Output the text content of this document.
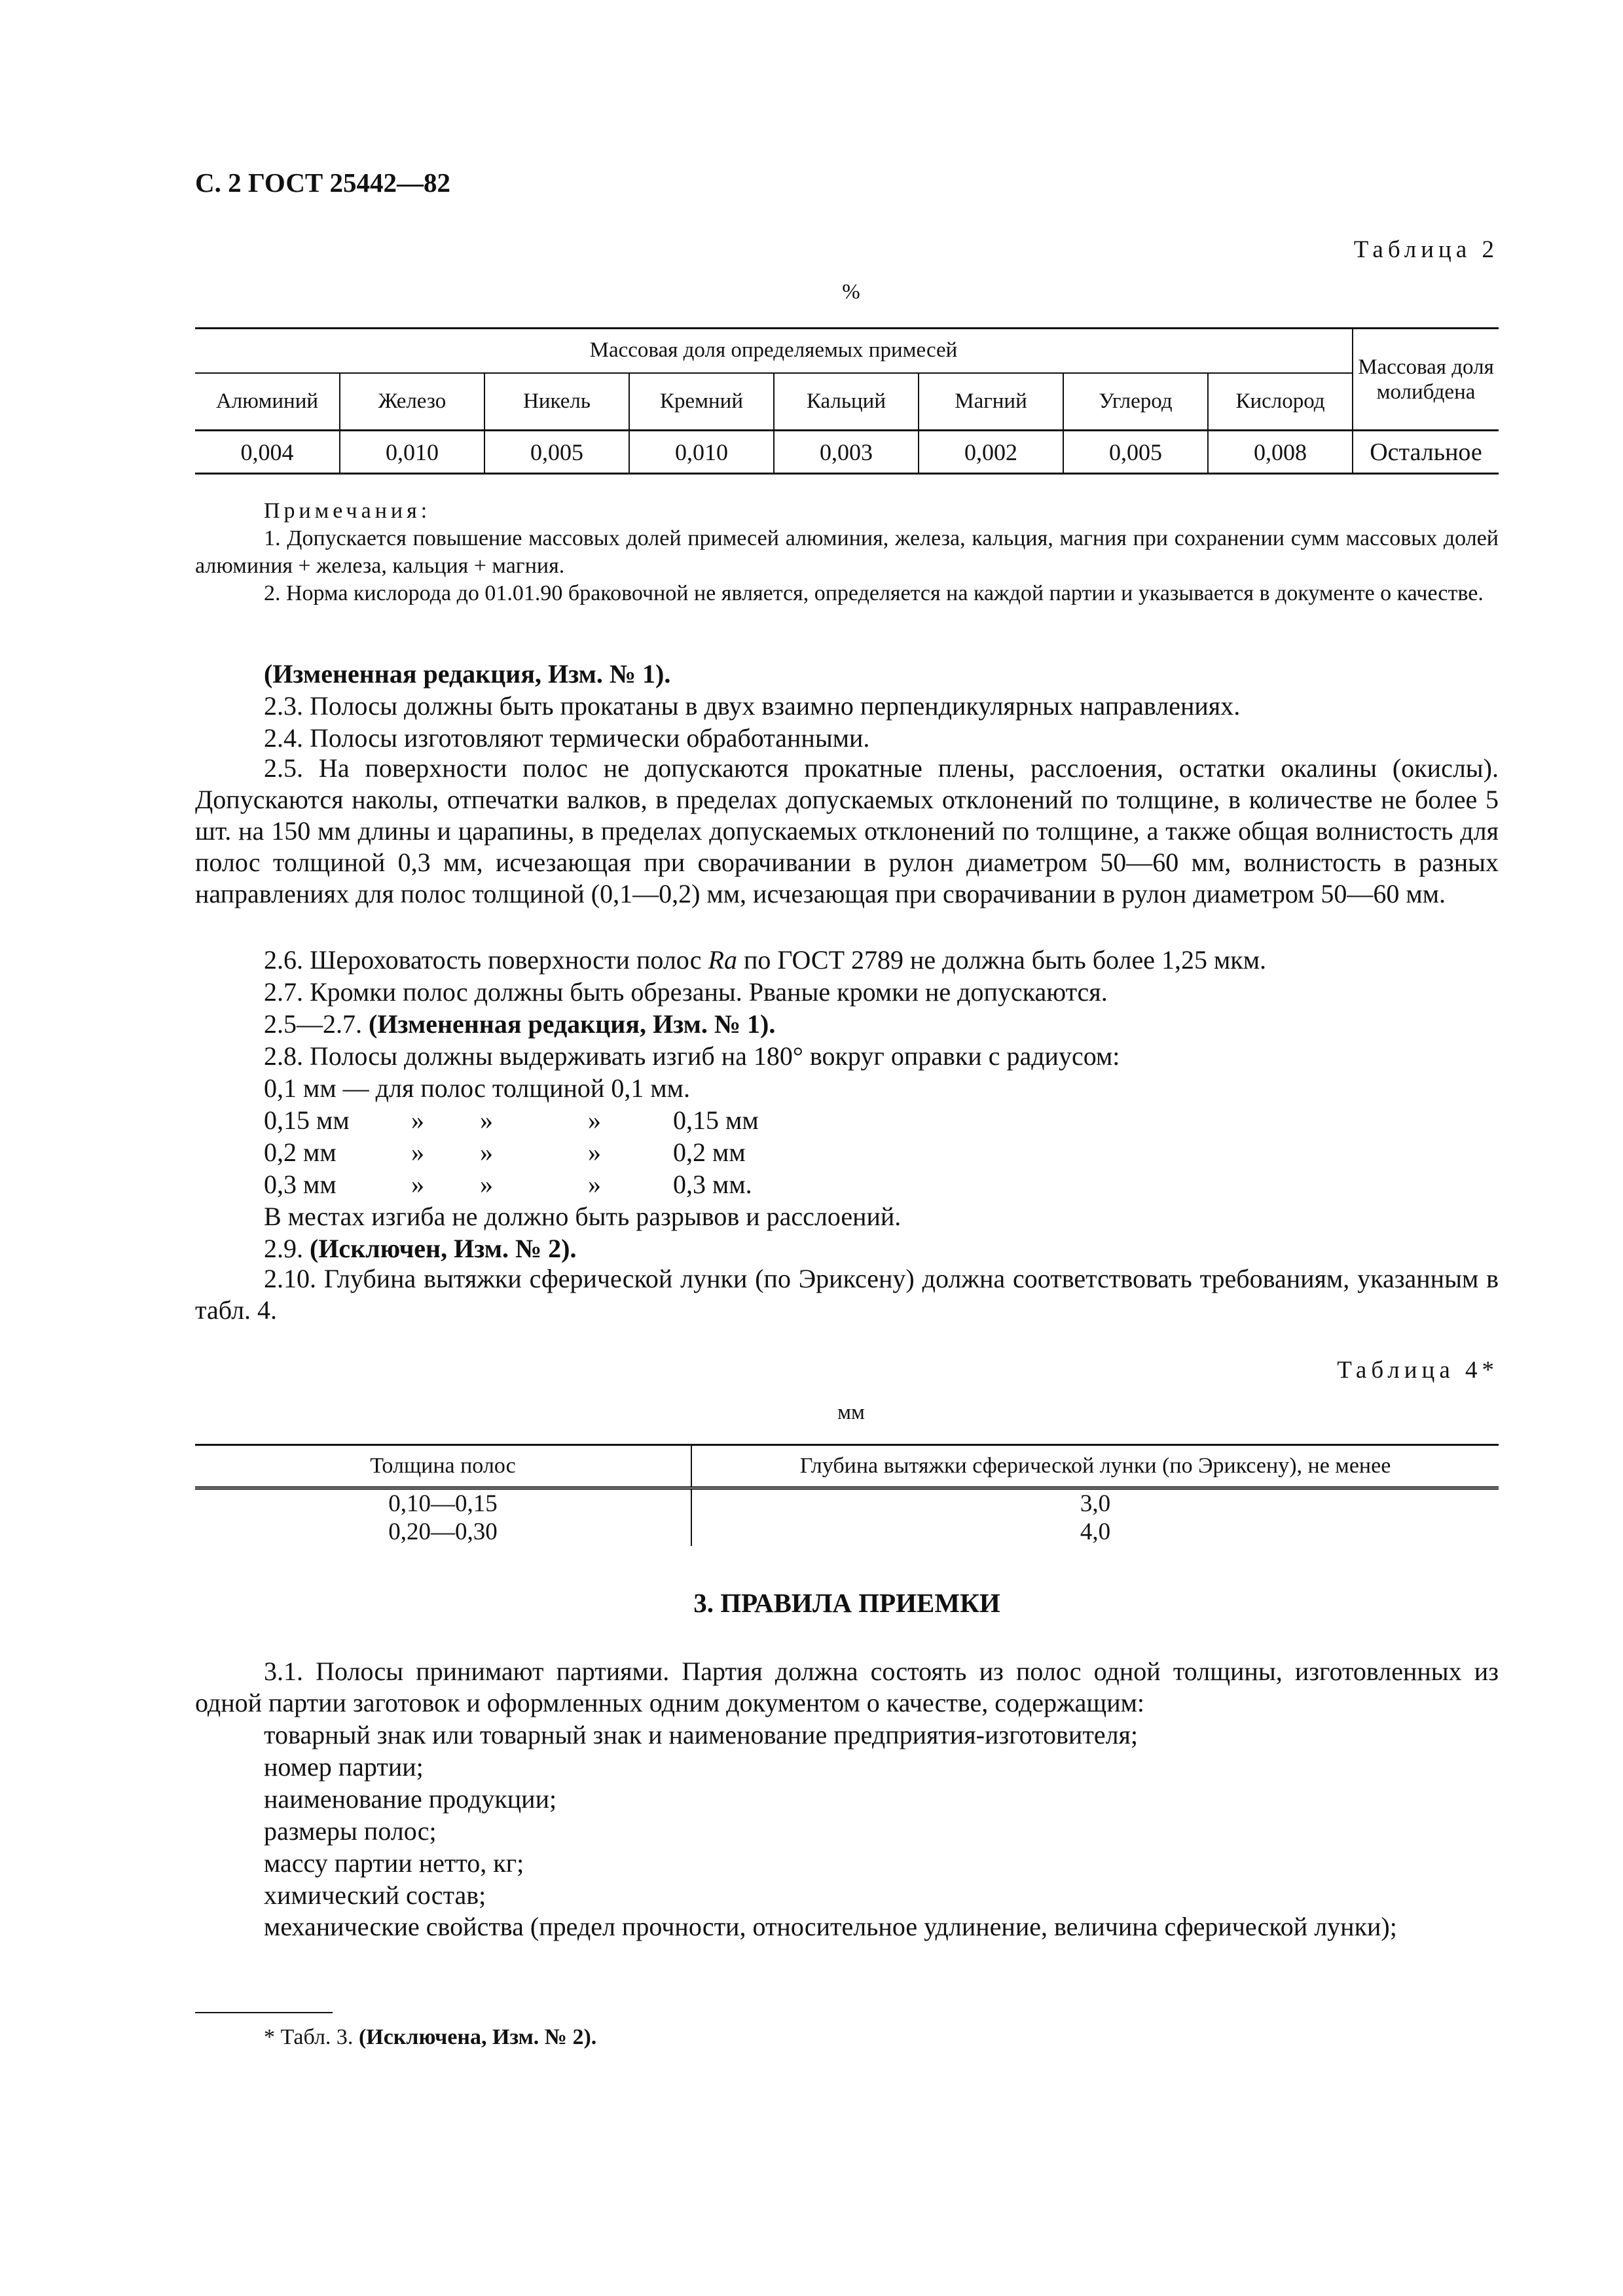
С. 2 ГОСТ 25442—82
Таблица 2
%
Массовая доля определяемых примесей								Массовая доля молибдена
Алюминий	Железо	Никель	Кремний	Кальций	Магний	Углерод	Кислород	
0,004	0,010	0,005	0,010	0,003	0,002	0,005	0,008	Остальное
Примечания:
1. Допускается повышение массовых долей примесей алюминия, железа, кальция, магния при сохранении сумм массовых долей алюминия + железа, кальция + магния.
2. Норма кислорода до 01.01.90 браковочной не является, определяется на каждой партии и указывается в документе о качестве.
(Измененная редакция, Изм. № 1).
2.3. Полосы должны быть прокатаны в двух взаимно перпендикулярных направлениях.
2.4. Полосы изготовляют термически обработанными.
2.5. На поверхности полос не допускаются прокатные плены, расслоения, остатки окалины (окислы). Допускаются наколы, отпечатки валков, в пределах допускаемых отклонений по толщине, в количестве не более 5 шт. на 150 мм длины и царапины, в пределах допускаемых отклонений по толщине, а также общая волнистость для полос толщиной 0,3 мм, исчезающая при сворачивании в рулон диаметром 50—60 мм, волнистость в разных направлениях для полос толщиной (0,1—0,2) мм, исчезающая при сворачивании в рулон диаметром 50—60 мм.
2.6. Шероховатость поверхности полос Ra по ГОСТ 2789 не должна быть более 1,25 мкм.
2.7. Кромки полос должны быть обрезаны. Рваные кромки не допускаются.
2.5—2.7. (Измененная редакция, Изм. № 1).
2.8. Полосы должны выдерживать изгиб на 180° вокруг оправки с радиусом:
0,1 мм — для полос толщиной 0,1 мм.
0,15 мм » »	»	0,15 мм
0,2 мм	» »	»	0,2 мм
0,3 мм	» »	»	0,3 мм.
В местах изгиба не должно быть разрывов и расслоений.
2.9. (Исключен, Изм. № 2).
2.10. Глубина вытяжки сферической лунки (по Эриксену) должна соответствовать требованиям, указанным в табл. 4.
Таблица 4*
мм
Толщина полос	Глубина вытяжки сферической лунки (по Эриксену), не менее
0,10—0,15	3,0
0,20—0,30	4,0
3. ПРАВИЛА ПРИЕМКИ
3.1. Полосы принимают партиями. Партия должна состоять из полос одной толщины, изготовленных из одной партии заготовок и оформленных одним документом о качестве, содержащим:
товарный знак или товарный знак и наименование предприятия-изготовителя;
номер партии;
наименование продукции;
размеры полос;
массу партии нетто, кг;
химический состав;
механические свойства (предел прочности, относительное удлинение, величина сферической лунки);
* Табл. 3. (Исключена, Изм. № 2).
